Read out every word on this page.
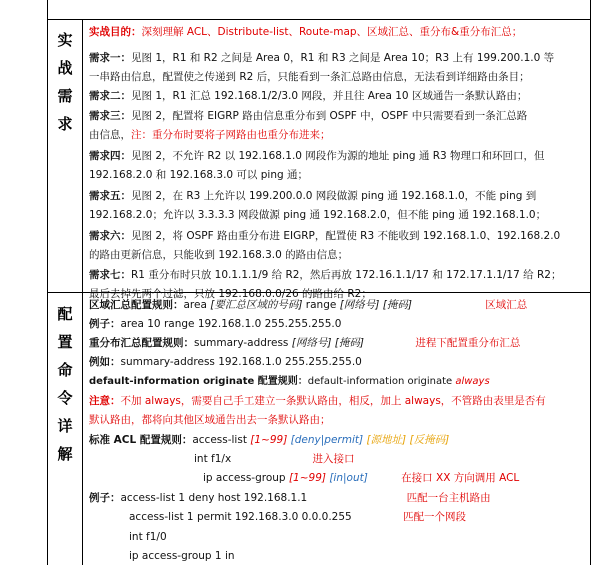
实
战
需
求
配
置
命
令
详
解
实战目的：深刻理解 ACL、Distribute-list、Route-map、区域汇总、重分布&重分布汇总；
需求一：见图 1，R1 和 R2 之间是 Area 0，R1 和 R3 之间是 Area 10；R3 上有 199.200.1.0 等
一串路由信息，配置使之传递到 R2 后，只能看到一条汇总路由信息，无法看到详细路由条目；
需求二：见图 1，R1 汇总 192.168.1/2/3.0 网段，并且往 Area 10 区域通告一条默认路由；
需求三：见图 2，配置将 EIGRP 路由信息重分布到 OSPF 中，OSPF 中只需要看到一条汇总路
由信息，注：重分布时要将子网路由也重分布进来；
需求四：见图 2，不允许 R2 以 192.168.1.0 网段作为源的地址 ping 通 R3 物理口和环回口，但
192.168.2.0 和 192.168.3.0 可以 ping 通；
需求五：见图 2，在 R3 上允许以 199.200.0.0 网段做源 ping 通 192.168.1.0，不能 ping 到
192.168.2.0；允许以 3.3.3.3 网段做源 ping 通 192.168.2.0，但不能 ping 通 192.168.1.0；
需求六：见图 2，将 OSPF 路由重分布进 EIGRP，配置使 R3 不能收到 192.168.1.0、192.168.2.0
的路由更新信息，只能收到 192.168.3.0 的路由信息；
需求七：R1 重分布时只放 10.1.1.1/9 给 R2，然后再放 172.16.1.1/17 和 172.17.1.1/17 给 R2；
最后去掉先两个过滤，只放 192.168.0.0/26 的路由给 R2；
区域汇总配置规则：area [要汇总区域的号码] range [网络号] [掩码]	区域汇总
例子：area 10 range 192.168.1.0 255.255.255.0
重分布汇总配置规则：summary-address [网络号] [掩码]	进程下配置重分布汇总
例如：summary-address 192.168.1.0 255.255.255.0
default-information originate 配置规则：default-information originate always
注意：不加 always，需要自己手工建立一条默认路由，相反，加上 always，不管路由表里是否有
默认路由，都将向其他区域通告出去一条默认路由；
标准 ACL 配置规则：access-list [1~99] [deny|permit] [源地址] [反掩码]
int f1/x	进入接口
ip access-group [1~99] [in|out]	在接口 XX 方向调用 ACL
例子：access-list 1 deny host 192.168.1.1	匹配一台主机路由
access-list 1 permit 192.168.3.0 0.0.0.255	匹配一个网段
int f1/0
ip access-group 1 in
